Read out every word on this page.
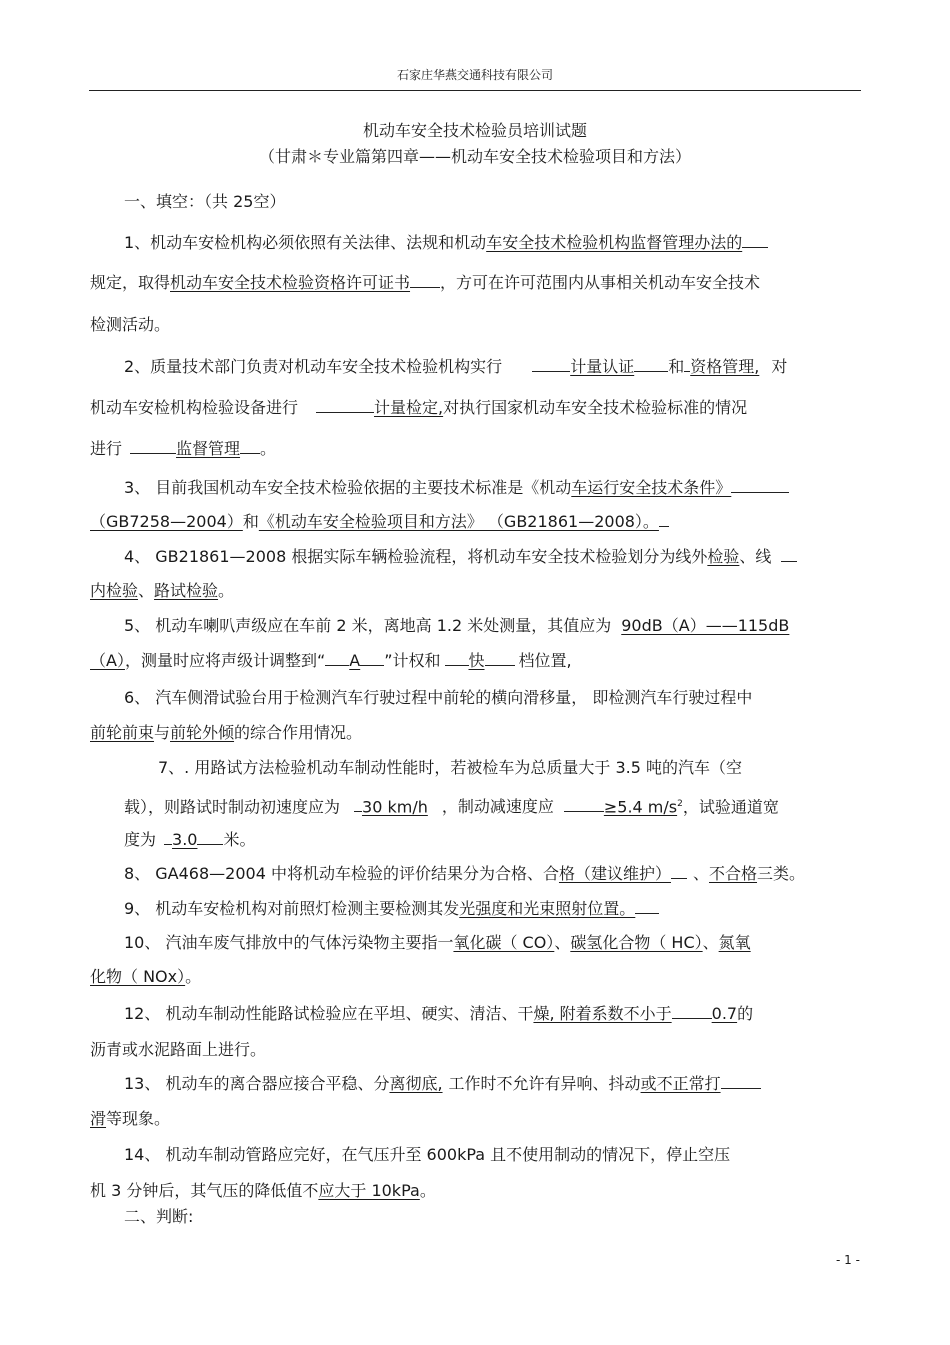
石家庄华燕交通科技有限公司
机动车安全技术检验员培训试题
（甘肃＊专业篇第四章——机动车安全技术检验项目和方法）
一、填空：（共 25空）
1、机动车安检机构必须依照有关法律、法规和机动车安全技术检验机构监督管理办法的
规定，取得机动车安全技术检验资格许可证书 ，方可在许可范围内从事相关机动车安全技术
检测活动。
2、质量技术部门负责对机动车安全技术检验机构实行	计量认证 和 资格管理, 对
机动车安检机构检验设备进行	计量检定,对执行国家机动车安全技术检验标准的情况
进行	监督管理 。
3、 目前我国机动车安全技术检验依据的主要技术标准是《机动车运行安全技术条件》
（GB7258—2004）和《机动车安全检验项目和方法》 （GB21861—2008）。
4、 GB21861—2008 根据实际车辆检验流程，将机动车安全技术检验划分为线外检验、线
内检验、路试检验。
5、 机动车喇叭声级应在车前 2 米，离地高 1.2 米处测量，其值应为 90dB（A）——115dB
（A），测量时应将声级计调整到“ A ”计权和 快 档位置,
6、 汽车侧滑试验台用于检测汽车行驶过程中前轮的横向滑移量， 即检测汽车行驶过程中
前轮前束与前轮外倾的综合作用情况。
7、. 用路试方法检验机动车制动性能时，若被检车为总质量大于 3.5 吨的汽车（空
载），则路试时制动初速度应为 30 km/h ，制动减速度应	≥5.4 $m/s^2$，试验通道宽
度为 3.0 米。
8、 GA468—2004 中将机动车检验的评价结果分为合格、合格（建议维护） 、不合格三类。
9、 机动车安检机构对前照灯检测主要检测其发光强度和光束照射位置。
10、 汽油车废气排放中的气体污染物主要指一氧化碳（ CO）、碳氢化合物（ HC）、氮氧
化物（ NOx）。
12、 机动车制动性能路试检验应在平坦、硬实、清洁、干燥, 附着系数不小于	0.7的
沥青或水泥路面上进行。
13、 机动车的离合器应接合平稳、分离彻底, 工作时不允许有异响、抖动或不正常打
滑等现象。
14、 机动车制动管路应完好，在气压升至 600kPa 且不使用制动的情况下，停止空压
机 3 分钟后，其气压的降低值不应大于 10kPa。
二、判断:
- 1 -
